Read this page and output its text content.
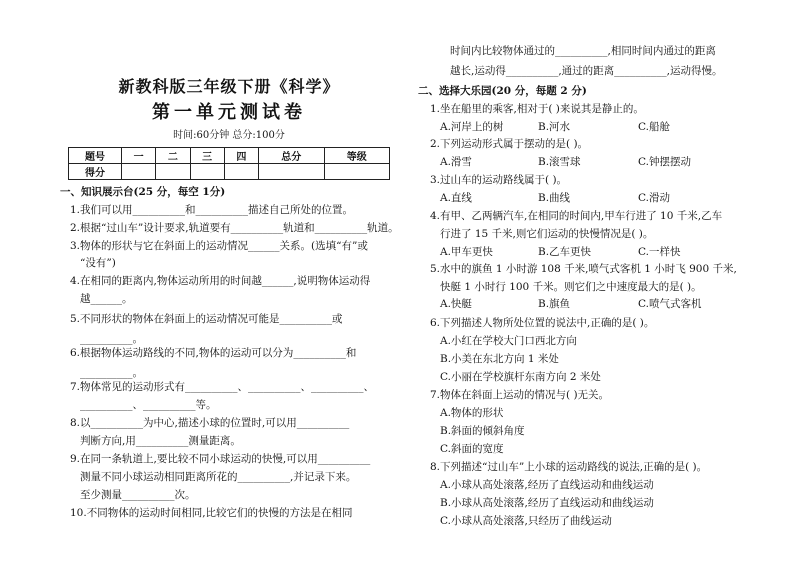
新教科版三年级下册《科学》
第一单元测试卷
时间:60分钟 总分:100分
题号	一	二	三	四	总分	等级
得分						
一、知识展示台(25 分，每空 1分)
1.我们可以用__________和__________描述自己所处的位置。
2.根据“过山车”设计要求,轨道要有__________轨道和__________轨道。
3.物体的形状与它在斜面上的运动情况______关系。(选填“有”或
“没有”)
4.在相同的距离内,物体运动所用的时间越______,说明物体运动得
越______。
5.不同形状的物体在斜面上的运动情况可能是__________或
__________。
6.根据物体运动路线的不同,物体的运动可以分为__________和
__________。
7.物体常见的运动形式有__________、__________、__________、
__________、__________等。
8.以__________为中心,描述小球的位置时,可以用__________
判断方向,用__________测量距离。
9.在同一条轨道上,要比较不同小球运动的快慢,可以用__________
测量不同小球运动相同距离所花的__________,并记录下来。
至少测量__________次。
10.不同物体的运动时间相同,比较它们的快慢的方法是在相同
时间内比较物体通过的__________,相同时间内通过的距离
越长,运动得__________,通过的距离__________,运动得慢。
二、选择大乐园(20 分，每题 2 分)
1.坐在船里的乘客,相对于( )来说其是静止的。
A.河岸上的树	B.河水	C.船舱
2.下列运动形式属于摆动的是( )。
A.滑雪	B.滚雪球	C.钟摆摆动
3.过山车的运动路线属于( )。
A.直线	B.曲线	C.滑动
4.有甲、乙两辆汽车,在相同的时间内,甲车行进了 10 千米,乙车
行进了 15 千米,则它们运动的快慢情况是( )。
A.甲车更快	B.乙车更快	C.一样快
5.水中的旗鱼 1 小时游 108 千米,喷气式客机 1 小时飞 900 千米,
快艇 1 小时行 100 千米。则它们之中速度最大的是( )。
A.快艇	B.旗鱼	C.喷气式客机
6.下列描述人物所处位置的说法中,正确的是( )。
A.小红在学校大门口西北方向
B.小美在东北方向 1 米处
C.小丽在学校旗杆东南方向 2 米处
7.物体在斜面上运动的情况与( )无关。
A.物体的形状
B.斜面的倾斜角度
C.斜面的宽度
8.下列描述“过山车”上小球的运动路线的说法,正确的是( )。
A.小球从高处滚落,经历了直线运动和曲线运动
B.小球从高处滚落,经历了直线运动和曲线运动
C.小球从高处滚落,只经历了曲线运动
